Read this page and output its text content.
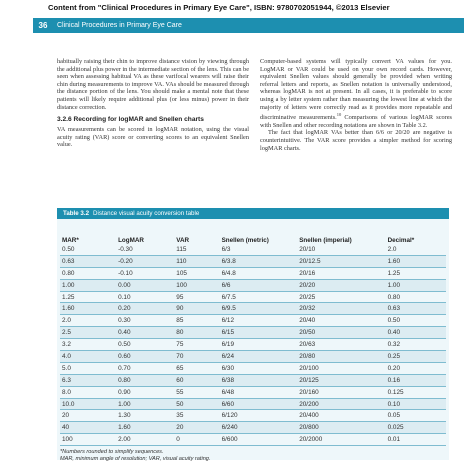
Content from "Clinical Procedures in Primary Eye Care", ISBN: 9780702051944, ©2013 Elsevier
36	Clinical Procedures in Primary Eye Care

habitually raising their chin to improve distance vision by viewing through the additional plus power in the intermediate section of the lens. This can be seen when assessing habitual VA as these varifocal wearers will raise their chin during measurements to improve VA. VAs should be measured through the distance portion of the lens. You should make a mental note that these patients will likely require additional plus (or less minus) power in their distance correction.

3.2.6 Recording for logMAR and Snellen charts

VA measurements can be scored in logMAR notation, using the visual acuity rating (VAR) score or converting scores to an equivalent Snellen value.

Computer-based systems will typically convert VA values for you. LogMAR or VAR could be used on your own record cards. However, equivalent Snellen values should generally be provided when writing referral letters and reports, as Snellen notation is universally understood, whereas logMAR is not at present. In all cases, it is preferable to score using a by letter system rather than measuring the lowest line at which the majority of letters were correctly read as it provides more repeatable and discriminative measurements.$^{10}$ Comparisons of various logMAR scores with Snellen and other recording notations are shown in Table 3.2.

The fact that logMAR VAs better than 6/6 or 20/20 are negative is counterintuitive. The VAR score provides a simpler method for scoring logMAR charts.

Table 3.2 Distance visual acuity conversion table
MAR*	LogMAR	VAR	Snellen (metric)	Snellen (imperial)	Decimal*
0.50	-0.30	115	6/3	20/10	2.0
0.63	-0.20	110	6/3.8	20/12.5	1.60
0.80	-0.10	105	6/4.8	20/16	1.25
1.00	0.00	100	6/6	20/20	1.00
1.25	0.10	95	6/7.5	20/25	0.80
1.60	0.20	90	6/9.5	20/32	0.63
2.0	0.30	85	6/12	20/40	0.50
2.5	0.40	80	6/15	20/50	0.40
3.2	0.50	75	6/19	20/63	0.32
4.0	0.60	70	6/24	20/80	0.25
5.0	0.70	65	6/30	20/100	0.20
6.3	0.80	60	6/38	20/125	0.16
8.0	0.90	55	6/48	20/160	0.125
10.0	1.00	50	6/60	20/200	0.10
20	1.30	35	6/120	20/400	0.05
40	1.60	20	6/240	20/800	0.025
100	2.00	0	6/600	20/2000	0.01
*Numbers rounded to simplify sequences.
MAR, minimum angle of resolution; VAR, visual acuity rating.
